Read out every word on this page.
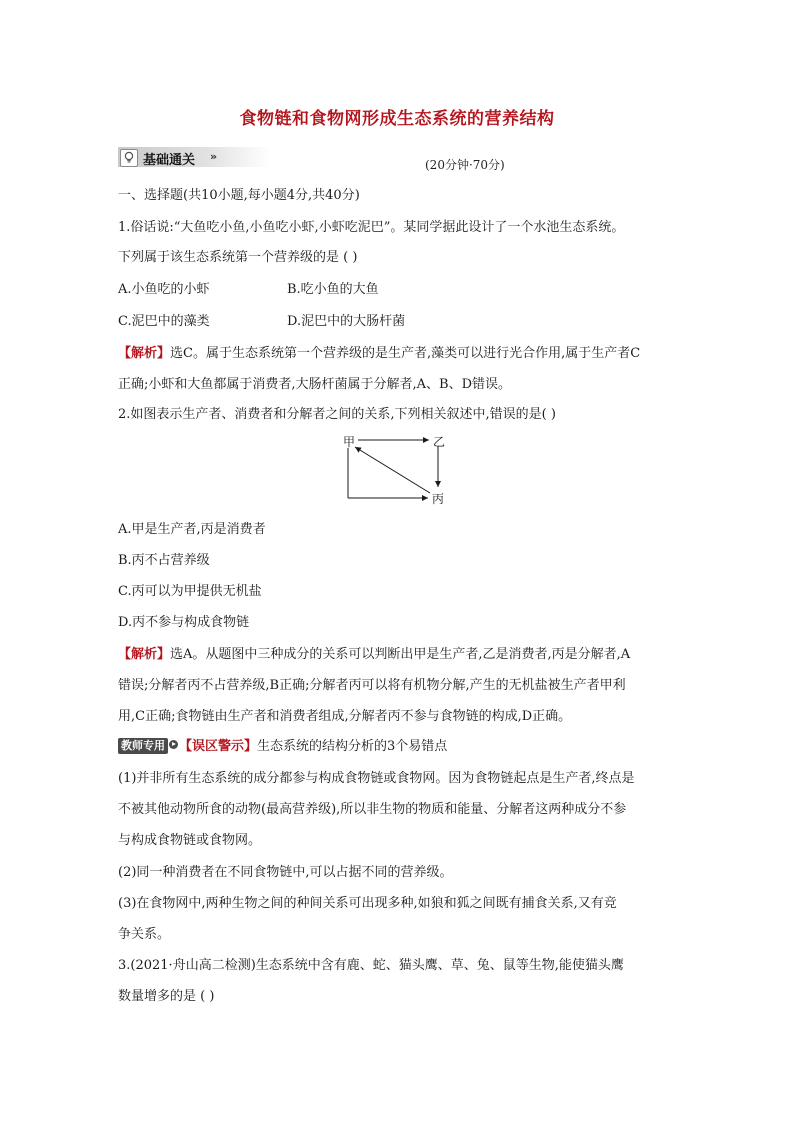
食物链和食物网形成生态系统的营养结构
基础通关 »
(20分钟·70分)
一、选择题(共10小题,每小题4分,共40分)
1.俗话说:“大鱼吃小鱼,小鱼吃小虾,小虾吃泥巴”。某同学据此设计了一个水池生态系统。
下列属于该生态系统第一个营养级的是 ( )
A.小鱼吃的小虾	B.吃小鱼的大鱼
C.泥巴中的藻类	D.泥巴中的大肠杆菌
【解析】选C。属于生态系统第一个营养级的是生产者,藻类可以进行光合作用,属于生产者C
正确;小虾和大鱼都属于消费者,大肠杆菌属于分解者,A、B、D错误。
2.如图表示生产者、消费者和分解者之间的关系,下列相关叙述中,错误的是( )
甲	乙
丙
A.甲是生产者,丙是消费者
B.丙不占营养级
C.丙可以为甲提供无机盐
D.丙不参与构成食物链
【解析】选A。从题图中三种成分的关系可以判断出甲是生产者,乙是消费者,丙是分解者,A
错误;分解者丙不占营养级,B正确;分解者丙可以将有机物分解,产生的无机盐被生产者甲利
用,C正确;食物链由生产者和消费者组成,分解者丙不参与食物链的构成,D正确。
教师专用 【误区警示】生态系统的结构分析的3个易错点
(1)并非所有生态系统的成分都参与构成食物链或食物网。因为食物链起点是生产者,终点是
不被其他动物所食的动物(最高营养级),所以非生物的物质和能量、分解者这两种成分不参
与构成食物链或食物网。
(2)同一种消费者在不同食物链中,可以占据不同的营养级。
(3)在食物网中,两种生物之间的种间关系可出现多种,如狼和狐之间既有捕食关系,又有竞
争关系。
3.(2021·舟山高二检测)生态系统中含有鹿、蛇、猫头鹰、草、兔、鼠等生物,能使猫头鹰
数量增多的是 ( )
